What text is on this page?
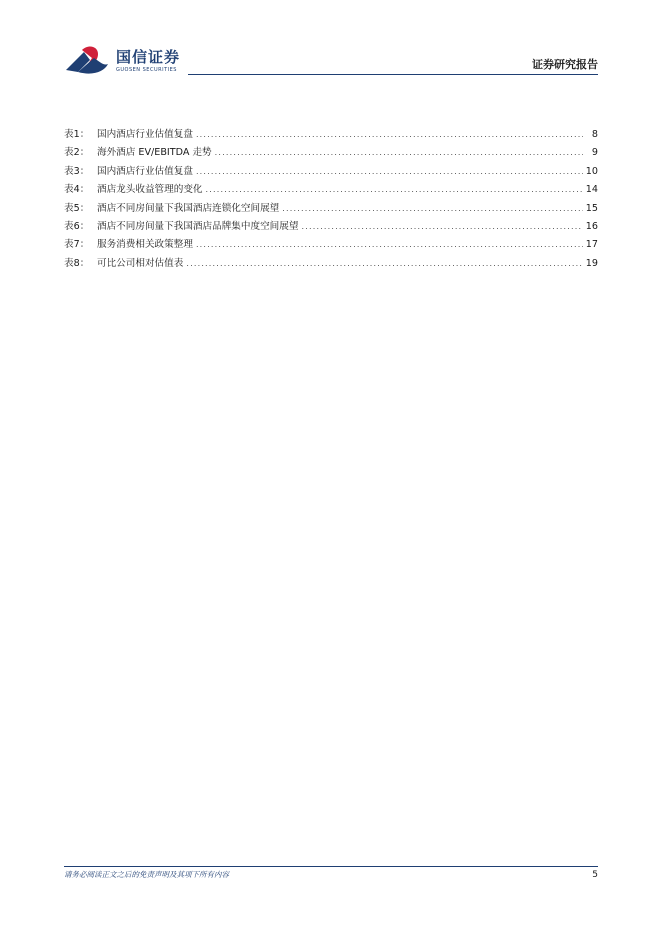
国信证券
GUOSEN SECURITIES	证券研究报告
表1： 国内酒店行业估值复盘 .....	8
表2： 海外酒店 EV/EBITDA 走势 .....	9
表3： 国内酒店行业估值复盘 .....	10
表4： 酒店龙头收益管理的变化 .....	14
表5： 酒店不同房间量下我国酒店连锁化空间展望 .....	15
表6： 酒店不同房间量下我国酒店品牌集中度空间展望 .....	16
表7： 服务消费相关政策整理 .....	17
表8： 可比公司相对估值表 .....	19
请务必阅读正文之后的免责声明及其项下所有内容	5
